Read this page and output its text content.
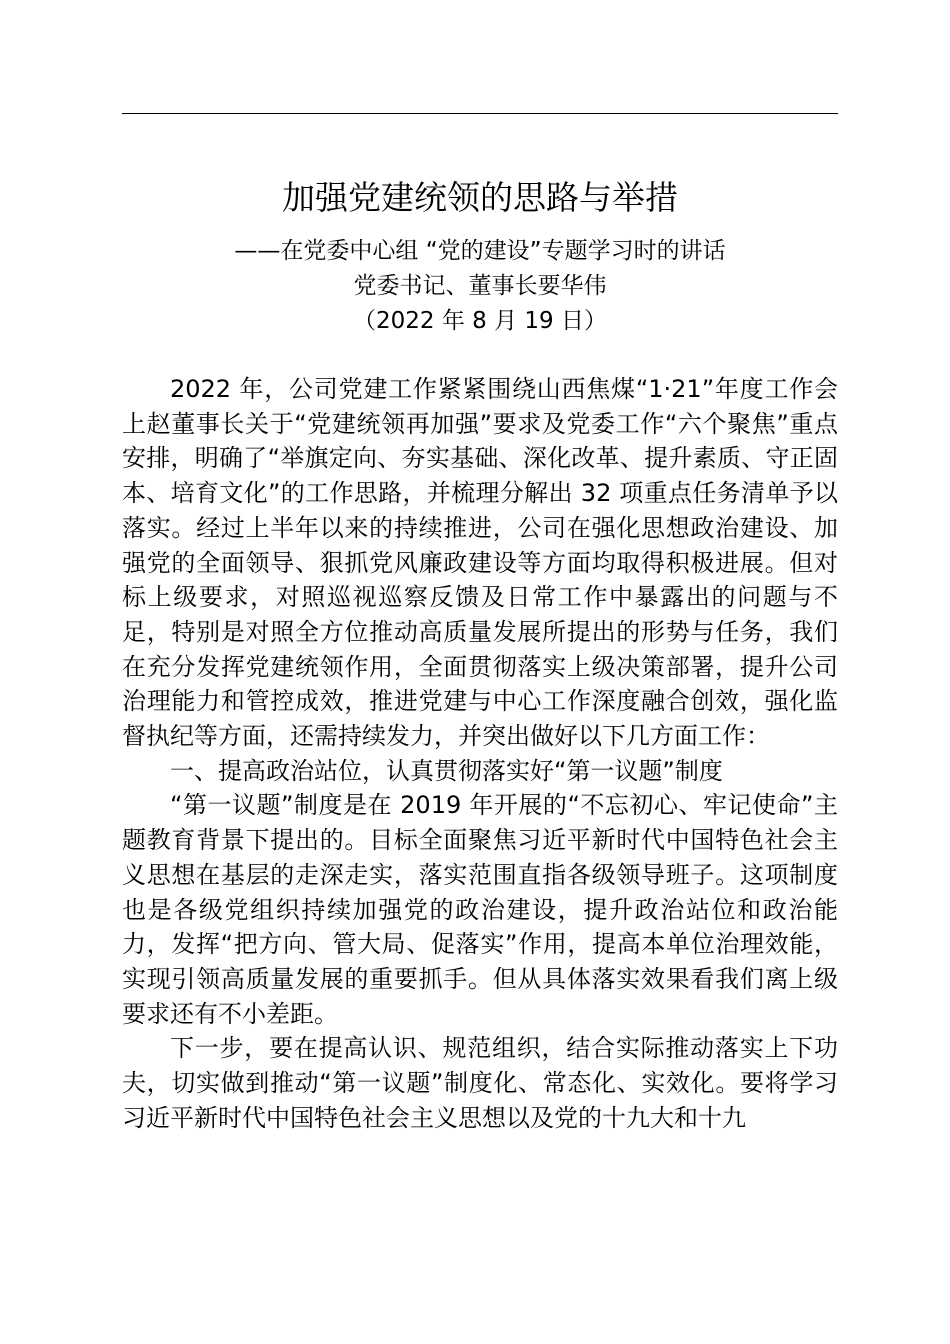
加强党建统领的思路与举措
——在党委中心组 “党的建设”专题学习时的讲话
党委书记、董事长要华伟
（2022 年 8 月 19 日）

2022 年，公司党建工作紧紧围绕山西焦煤“1·21”年度工作会上赵董事长关于“党建统领再加强”要求及党委工作“六个聚焦”重点安排，明确了“举旗定向、夯实基础、深化改革、提升素质、守正固本、培育文化”的工作思路，并梳理分解出 32 项重点任务清单予以落实。经过上半年以来的持续推进，公司在强化思想政治建设、加强党的全面领导、狠抓党风廉政建设等方面均取得积极进展。但对标上级要求，对照巡视巡察反馈及日常工作中暴露出的问题与不足，特别是对照全方位推动高质量发展所提出的形势与任务，我们在充分发挥党建统领作用，全面贯彻落实上级决策部署，提升公司治理能力和管控成效，推进党建与中心工作深度融合创效，强化监督执纪等方面，还需持续发力，并突出做好以下几方面工作：

一、提高政治站位，认真贯彻落实好“第一议题”制度

“第一议题”制度是在 2019 年开展的“不忘初心、牢记使命”主题教育背景下提出的。目标全面聚焦习近平新时代中国特色社会主义思想在基层的走深走实，落实范围直指各级领导班子。这项制度也是各级党组织持续加强党的政治建设，提升政治站位和政治能力，发挥“把方向、管大局、促落实”作用，提高本单位治理效能，实现引领高质量发展的重要抓手。但从具体落实效果看我们离上级要求还有不小差距。

下一步，要在提高认识、规范组织，结合实际推动落实上下功夫，切实做到推动“第一议题”制度化、常态化、实效化。要将学习习近平新时代中国特色社会主义思想以及党的十九大和十九
